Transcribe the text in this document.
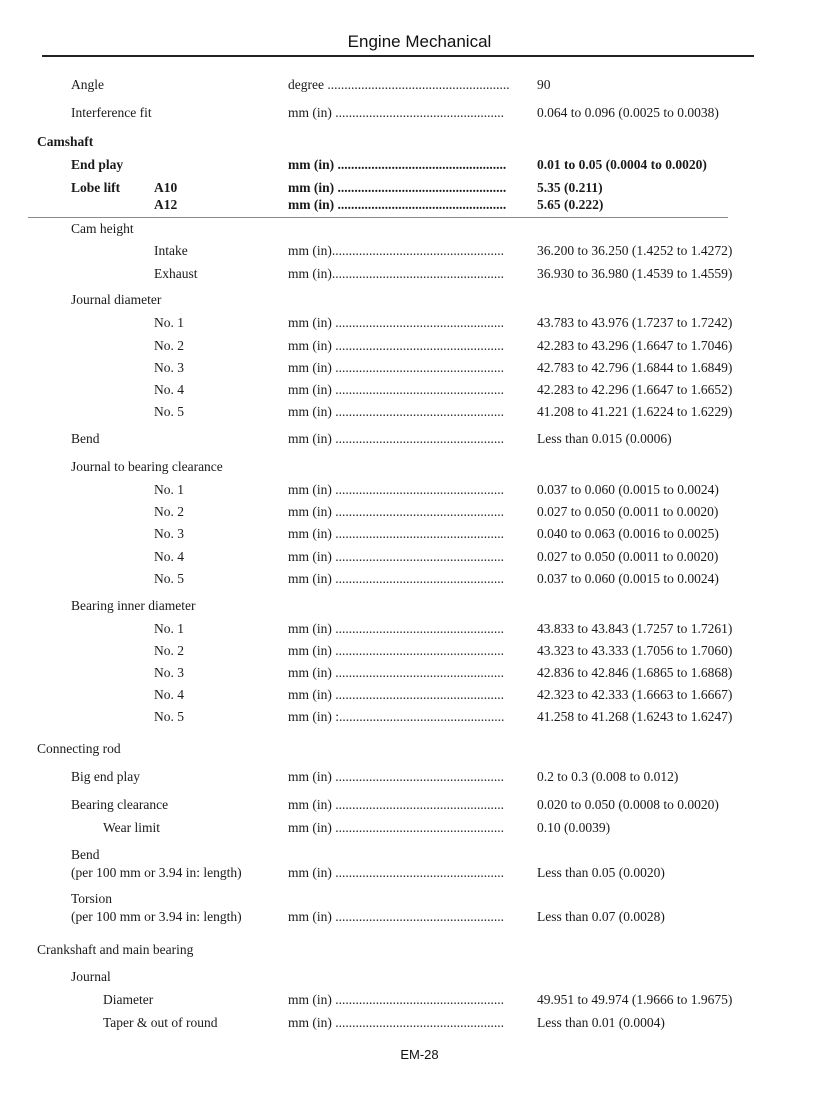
Engine Mechanical
Angle	degree ......................................................	90
Interference fit	mm (in) ..................................................	0.064 to 0.096 (0.0025 to 0.0038)
Camshaft
End play	mm (in) ..................................................	0.01 to 0.05 (0.0004 to 0.0020)
Lobe lift	A10	mm (in) ..................................................	5.35 (0.211)
A12	mm (in) ..................................................	5.65 (0.222)
Cam height
Intake	mm (in)...................................................	36.200 to 36.250 (1.4252 to 1.4272)
Exhaust	mm (in)...................................................	36.930 to 36.980 (1.4539 to 1.4559)
Journal diameter
No. 1	mm (in) ..................................................	43.783 to 43.976 (1.7237 to 1.7242)
No. 2	mm (in) ..................................................	42.283 to 43.296 (1.6647 to 1.7046)
No. 3	mm (in) ..................................................	42.783 to 42.796 (1.6844 to 1.6849)
No. 4	mm (in) ..................................................	42.283 to 42.296 (1.6647 to 1.6652)
No. 5	mm (in) ..................................................	41.208 to 41.221 (1.6224 to 1.6229)
Bend	mm (in) ..................................................	Less than 0.015 (0.0006)
Journal to bearing clearance
No. 1	mm (in) ..................................................	0.037 to 0.060 (0.0015 to 0.0024)
No. 2	mm (in) ..................................................	0.027 to 0.050 (0.0011 to 0.0020)
No. 3	mm (in) ..................................................	0.040 to 0.063 (0.0016 to 0.0025)
No. 4	mm (in) ..................................................	0.027 to 0.050 (0.0011 to 0.0020)
No. 5	mm (in) ..................................................	0.037 to 0.060 (0.0015 to 0.0024)
Bearing inner diameter
No. 1	mm (in) ..................................................	43.833 to 43.843 (1.7257 to 1.7261)
No. 2	mm (in) ..................................................	43.323 to 43.333 (1.7056 to 1.7060)
No. 3	mm (in) ..................................................	42.836 to 42.846 (1.6865 to 1.6868)
No. 4	mm (in) ..................................................	42.323 to 42.333 (1.6663 to 1.6667)
No. 5	mm (in) :.................................................	41.258 to 41.268 (1.6243 to 1.6247)
Connecting rod
Big end play	mm (in) ..................................................	0.2 to 0.3 (0.008 to 0.012)
Bearing clearance	mm (in) ..................................................	0.020 to 0.050 (0.0008 to 0.0020)
Wear limit	mm (in) ..................................................	0.10 (0.0039)
Bend
(per 100 mm or 3.94 in: length)	mm (in) ..................................................	Less than 0.05 (0.0020)
Torsion
(per 100 mm or 3.94 in: length)	mm (in) ..................................................	Less than 0.07 (0.0028)
Crankshaft and main bearing
Journal
Diameter	mm (in) ..................................................	49.951 to 49.974 (1.9666 to 1.9675)
Taper & out of round	mm (in) ..................................................	Less than 0.01 (0.0004)
EM-28
